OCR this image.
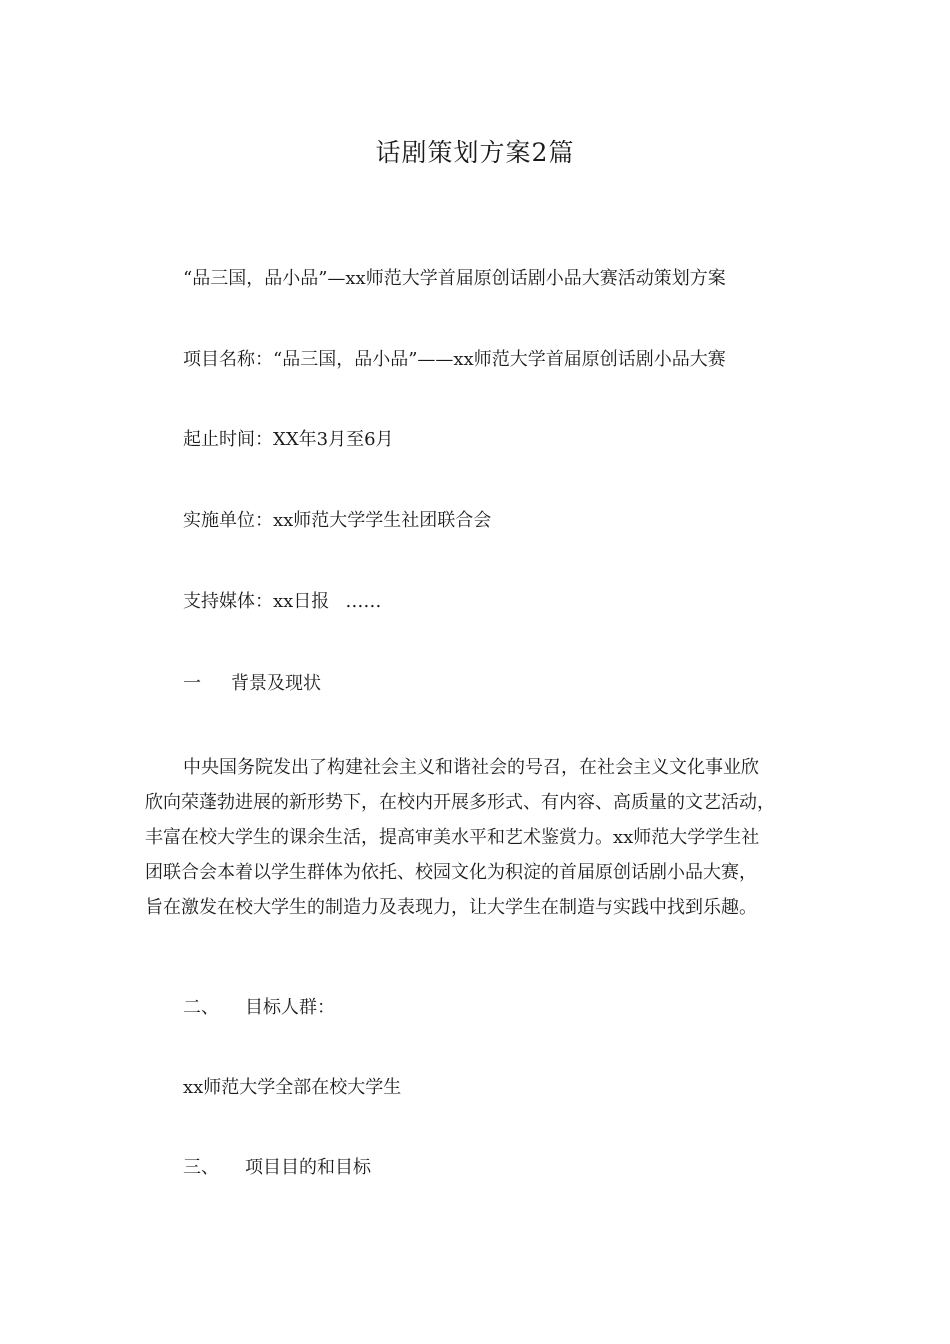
话剧策划方案2篇
“品三国，品小品”—xx师范大学首届原创话剧小品大赛活动策划方案
项目名称：“品三国，品小品”——xx师范大学首届原创话剧小品大赛
起止时间：XX年3月至6月
实施单位：xx师范大学学生社团联合会
支持媒体：xx日报 ……
一 背景及现状
中央国务院发出了构建社会主义和谐社会的号召，在社会主义文化事业欣
欣向荣蓬勃进展的新形势下，在校内开展多形式、有内容、高质量的文艺活动，
丰富在校大学生的课余生活，提高审美水平和艺术鉴赏力。xx师范大学学生社
团联合会本着以学生群体为依托、校园文化为积淀的首届原创话剧小品大赛，
旨在激发在校大学生的制造力及表现力，让大学生在制造与实践中找到乐趣。
二、 目标人群：
xx师范大学全部在校大学生
三、 项目目的和目标
